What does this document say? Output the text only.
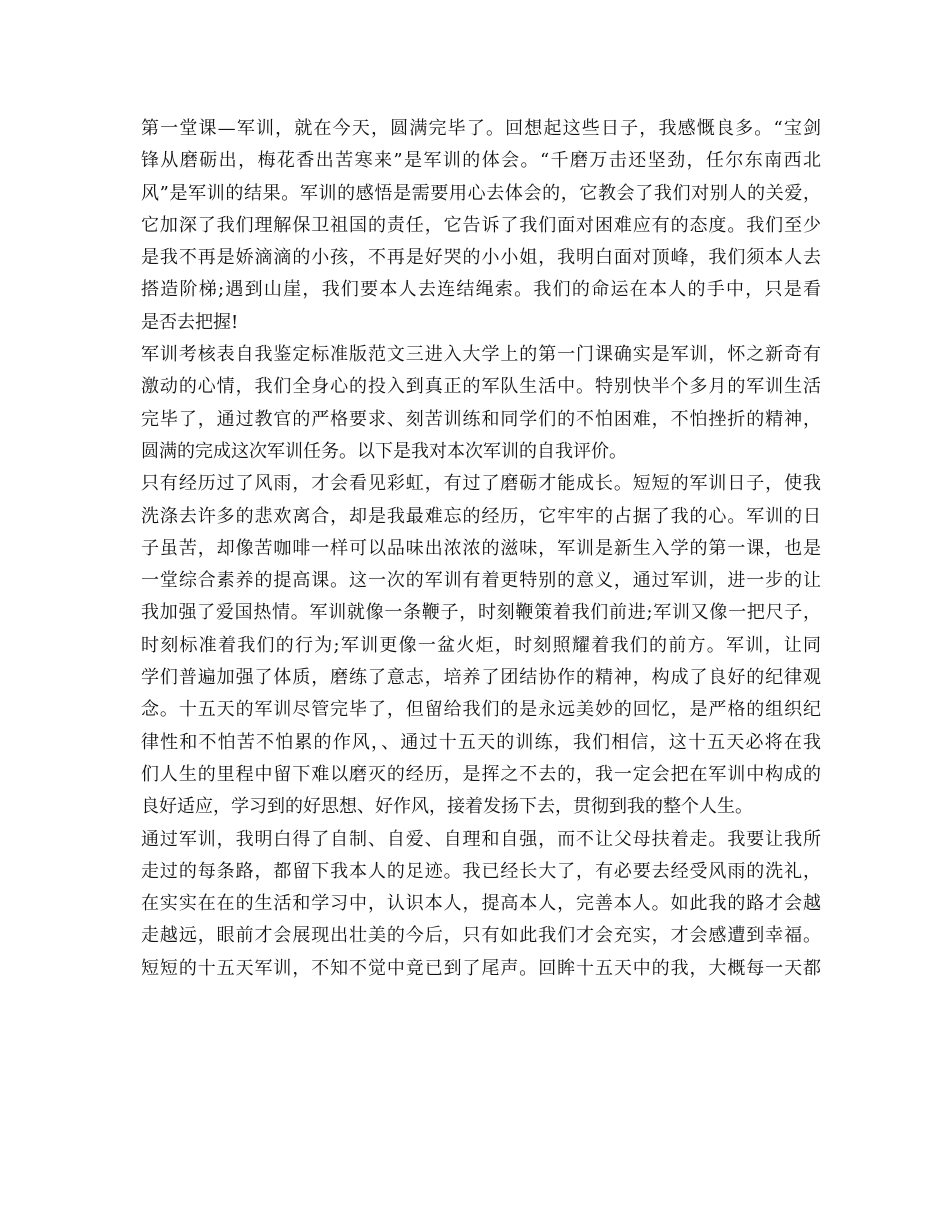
第一堂课—军训，就在今天，圆满完毕了。回想起这些日子，我感慨良多。“宝剑
锋从磨砺出，梅花香出苦寒来”是军训的体会。“千磨万击还坚劲，任尔东南西北
风”是军训的结果。军训的感悟是需要用心去体会的，它教会了我们对别人的关爱，
它加深了我们理解保卫祖国的责任，它告诉了我们面对困难应有的态度。我们至少
是我不再是娇滴滴的小孩，不再是好哭的小小姐，我明白面对顶峰，我们须本人去
搭造阶梯;遇到山崖，我们要本人去连结绳索。我们的命运在本人的手中，只是看
是否去把握!
军训考核表自我鉴定标准版范文三进入大学上的第一门课确实是军训，怀之新奇有
激动的心情，我们全身心的投入到真正的军队生活中。特别快半个多月的军训生活
完毕了，通过教官的严格要求、刻苦训练和同学们的不怕困难，不怕挫折的精神，
圆满的完成这次军训任务。以下是我对本次军训的自我评价。
只有经历过了风雨，才会看见彩虹，有过了磨砺才能成长。短短的军训日子，使我
洗涤去许多的悲欢离合，却是我最难忘的经历，它牢牢的占据了我的心。军训的日
子虽苦，却像苦咖啡一样可以品味出浓浓的滋味，军训是新生入学的第一课，也是
一堂综合素养的提高课。这一次的军训有着更特别的意义，通过军训，进一步的让
我加强了爱国热情。军训就像一条鞭子，时刻鞭策着我们前进;军训又像一把尺子，
时刻标准着我们的行为;军训更像一盆火炬，时刻照耀着我们的前方。军训，让同
学们普遍加强了体质，磨练了意志，培养了团结协作的精神，构成了良好的纪律观
念。十五天的军训尽管完毕了，但留给我们的是永远美妙的回忆，是严格的组织纪
律性和不怕苦不怕累的作风，、通过十五天的训练，我们相信，这十五天必将在我
们人生的里程中留下难以磨灭的经历，是挥之不去的，我一定会把在军训中构成的
良好适应，学习到的好思想、好作风，接着发扬下去，贯彻到我的整个人生。
通过军训，我明白得了自制、自爱、自理和自强，而不让父母扶着走。我要让我所
走过的每条路，都留下我本人的足迹。我已经长大了，有必要去经受风雨的洗礼，
在实实在在的生活和学习中，认识本人，提高本人，完善本人。如此我的路才会越
走越远，眼前才会展现出壮美的今后，只有如此我们才会充实，才会感遭到幸福。
短短的十五天军训，不知不觉中竟已到了尾声。回眸十五天中的我，大概每一天都
